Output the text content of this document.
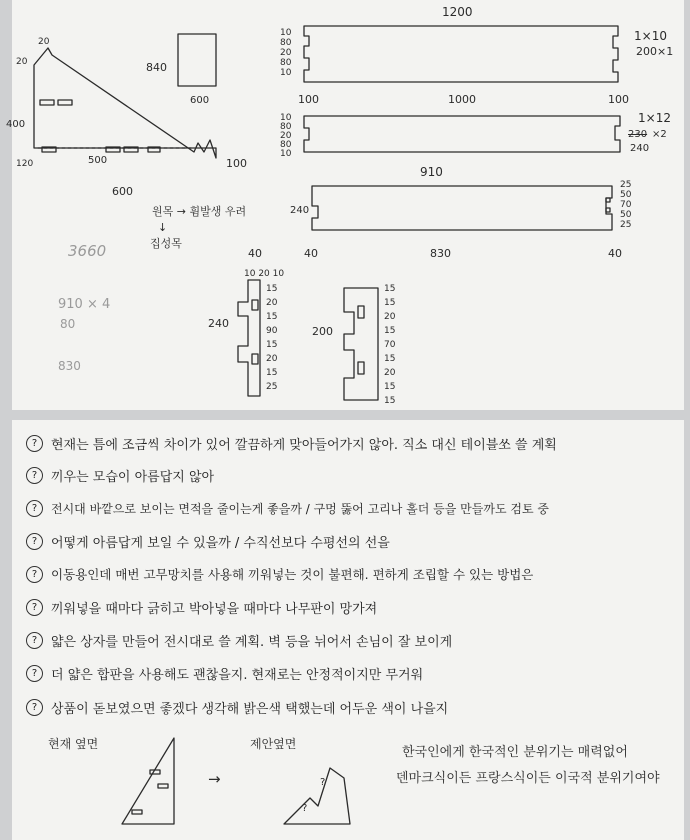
20
20
400
120	500	100
600
840
600
1200
1×10
200×1
10
80
20
80
10
100	1000	100
1×12
230 ×2
240
10
80
20
80
10
910
240
25
50
70
50
25
40	40	830	40
원목 → 휨발생 우려
↓
집성목
3660
910 × 4
80
830
10 20 10
240
15
20
15
90
15
20
15
25
200
15
15
20
15
70
15
20
15
15
?	현재는 틈에 조금씩 차이가 있어 깔끔하게 맞아들어가지 않아. 직소 대신 테이블쏘 쓸 계획
?	끼우는 모습이 아름답지 않아
?	전시대 바깥으로 보이는 면적을 줄이는게 좋을까 / 구멍 뚫어 고리나 홀더 등을 만들까도 검토 중
?	어떻게 아름답게 보일 수 있을까 / 수직선보다 수평선의 선을
?	이동용인데 매번 고무망치를 사용해 끼워넣는 것이 불편해. 편하게 조립할 수 있는 방법은
?	끼워넣을 때마다 긁히고 박아넣을 때마다 나무판이 망가져
?	얇은 상자를 만들어 전시대로 쓸 계획. 벽 등을 뉘어서 손님이 잘 보이게
?	더 얇은 합판을 사용해도 괜찮을지. 현재로는 안정적이지만 무거워
?	상품이 돋보였으면 좋겠다 생각해 밝은색 택했는데 어두운 색이 나을지
현재 옆면
→
제안옆면
?
?
한국인에게 한국적인 분위기는 매력없어
덴마크식이든 프랑스식이든 이국적 분위기여야
